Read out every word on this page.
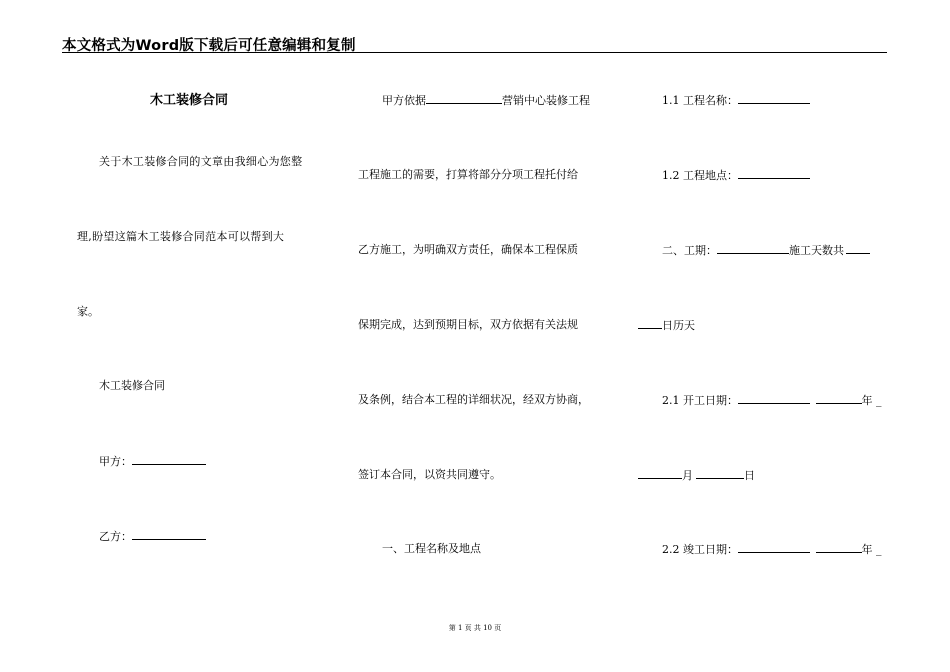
本文格式为Word版下载后可任意编辑和复制
木工装修合同
关于木工装修合同的文章由我细心为您整
理,盼望这篇木工装修合同范本可以帮到大
家。
木工装修合同
甲方：
乙方：
甲方依据	营销中心装修工程
工程施工的需要，打算将部分分项工程托付给
乙方施工，为明确双方责任，确保本工程保质
保期完成，达到预期目标，双方依据有关法规
及条例，结合本工程的详细状况，经双方协商，
签订本合同，以资共同遵守。
一、工程名称及地点
1.1 工程名称：
1.2 工程地点：
二、工期：	施工天数共
日历天
2.1 开工日期：	年 _
月	日
2.2 竣工日期：	年 _
第 1 页 共 10 页
